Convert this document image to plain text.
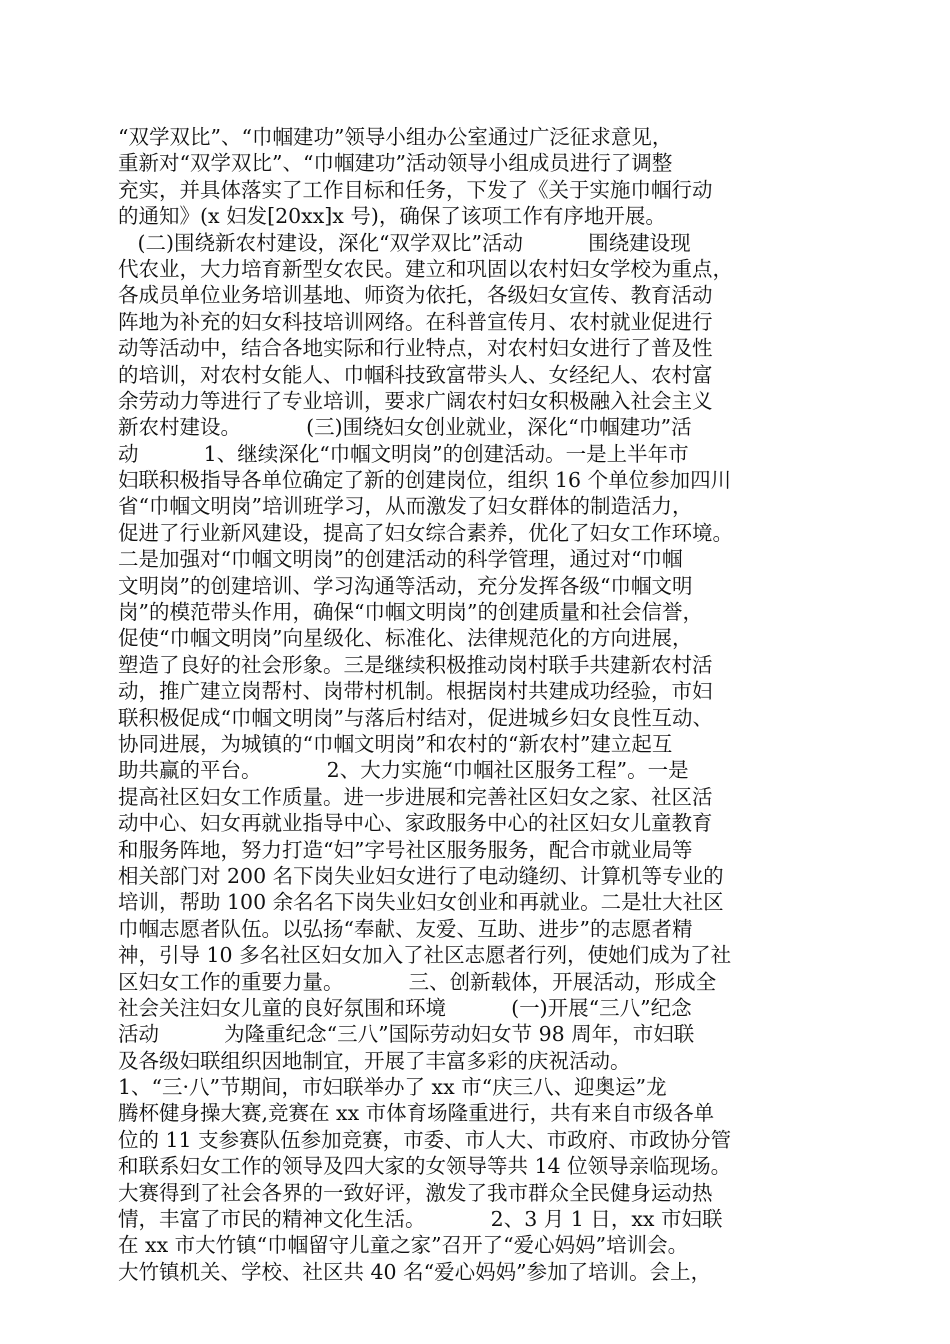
“双学双比”、“巾帼建功”领导小组办公室通过广泛征求意见，
重新对“双学双比”、“巾帼建功”活动领导小组成员进行了调整
充实，并具体落实了工作目标和任务，下发了《关于实施巾帼行动
的通知》(x 妇发[20xx]x 号)，确保了该项工作有序地开展。
(二)围绕新农村建设，深化“双学双比”活动          围绕建设现
代农业，大力培育新型女农民。建立和巩固以农村妇女学校为重点，
各成员单位业务培训基地、师资为依托，各级妇女宣传、教育活动
阵地为补充的妇女科技培训网络。在科普宣传月、农村就业促进行
动等活动中，结合各地实际和行业特点，对农村妇女进行了普及性
的培训，对农村女能人、巾帼科技致富带头人、女经纪人、农村富
余劳动力等进行了专业培训，要求广阔农村妇女积极融入社会主义
新农村建设。          (三)围绕妇女创业就业，深化“巾帼建功”活
动          1、继续深化“巾帼文明岗”的创建活动。一是上半年市
妇联积极指导各单位确定了新的创建岗位，组织 16 个单位参加四川
省“巾帼文明岗”培训班学习，从而激发了妇女群体的制造活力，
促进了行业新风建设，提高了妇女综合素养，优化了妇女工作环境。
二是加强对“巾帼文明岗”的创建活动的科学管理，通过对“巾帼
文明岗”的创建培训、学习沟通等活动，充分发挥各级“巾帼文明
岗”的模范带头作用，确保“巾帼文明岗”的创建质量和社会信誉，
促使“巾帼文明岗”向星级化、标准化、法律规范化的方向进展，
塑造了良好的社会形象。三是继续积极推动岗村联手共建新农村活
动，推广建立岗帮村、岗带村机制。根据岗村共建成功经验，市妇
联积极促成“巾帼文明岗”与落后村结对，促进城乡妇女良性互动、
协同进展，为城镇的“巾帼文明岗”和农村的“新农村”建立起互
助共赢的平台。          2、大力实施“巾帼社区服务工程”。一是
提高社区妇女工作质量。进一步进展和完善社区妇女之家、社区活
动中心、妇女再就业指导中心、家政服务中心的社区妇女儿童教育
和服务阵地，努力打造“妇”字号社区服务服务，配合市就业局等
相关部门对 200 名下岗失业妇女进行了电动缝纫、计算机等专业的
培训，帮助 100 余名名下岗失业妇女创业和再就业。二是壮大社区
巾帼志愿者队伍。以弘扬“奉献、友爱、互助、进步”的志愿者精
神，引导 10 多名社区妇女加入了社区志愿者行列，使她们成为了社
区妇女工作的重要力量。          三、创新载体，开展活动，形成全
社会关注妇女儿童的良好氛围和环境          (一)开展“三八”纪念
活动          为隆重纪念“三八”国际劳动妇女节 98 周年，市妇联
及各级妇联组织因地制宜，开展了丰富多彩的庆祝活动。
1、“三·八”节期间，市妇联举办了 xx 市“庆三八、迎奥运”龙
腾杯健身操大赛,竞赛在 xx 市体育场隆重进行，共有来自市级各单
位的 11 支参赛队伍参加竞赛，市委、市人大、市政府、市政协分管
和联系妇女工作的领导及四大家的女领导等共 14 位领导亲临现场。
大赛得到了社会各界的一致好评，激发了我市群众全民健身运动热
情，丰富了市民的精神文化生活。          2、3 月 1 日，xx 市妇联
在 xx 市大竹镇“巾帼留守儿童之家”召开了“爱心妈妈”培训会。
大竹镇机关、学校、社区共 40 名“爱心妈妈”参加了培训。会上，
